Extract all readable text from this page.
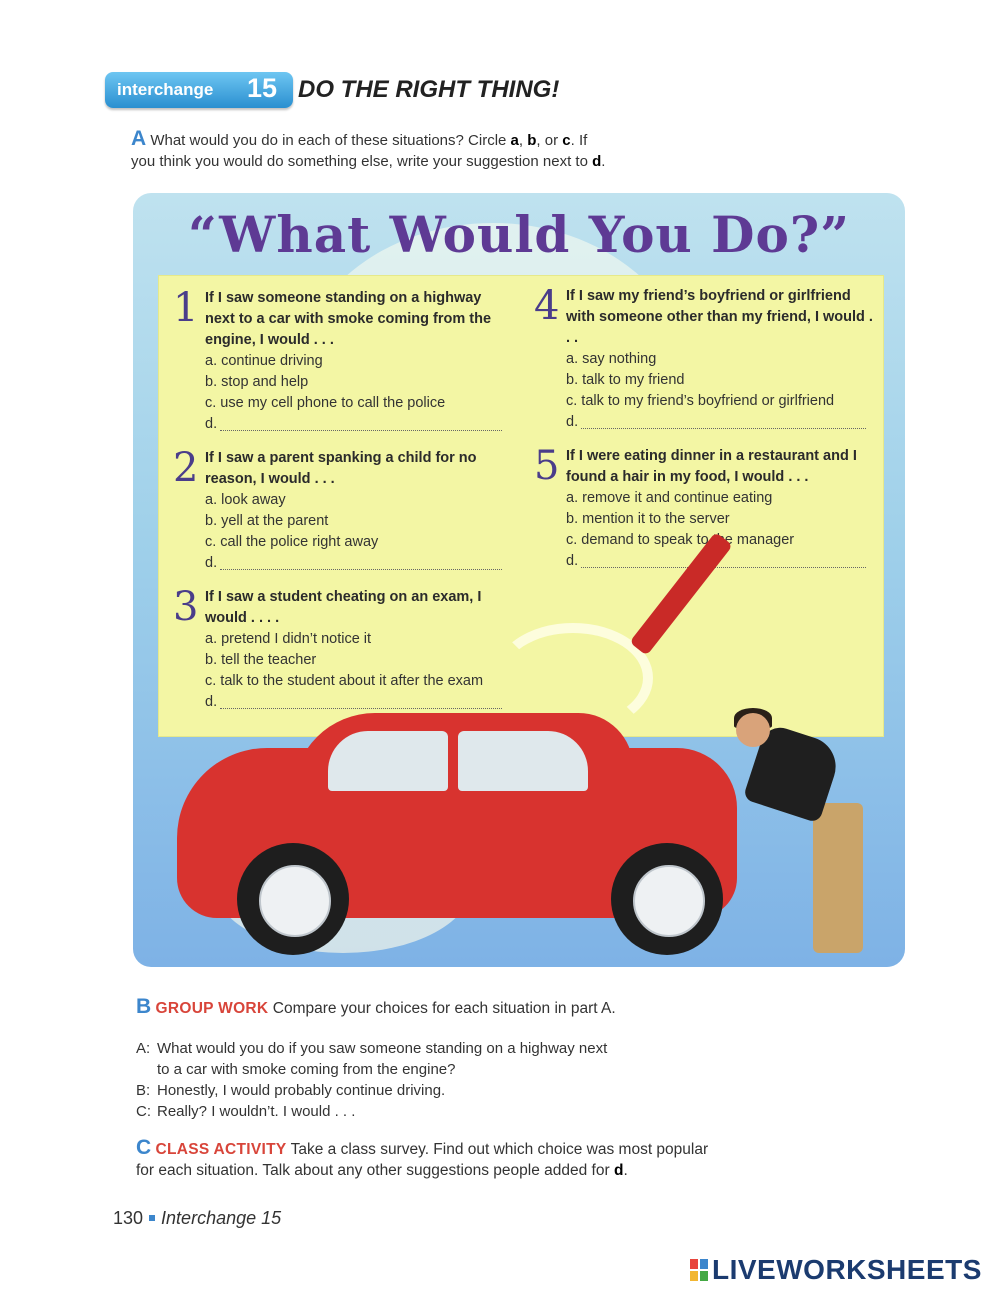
interchange 15 DO THE RIGHT THING!
A What would you do in each of these situations? Circle a, b, or c. If
you think you would do something else, write your suggestion next to d.
“What Would You Do?”
1 If I saw someone standing on a highway next to a car with smoke coming from the engine, I would . . .
a. continue driving
b. stop and help
c. use my cell phone to call the police
d.
2 If I saw a parent spanking a child for no reason, I would . . .
a. look away
b. yell at the parent
c. call the police right away
d.
3 If I saw a student cheating on an exam, I would . . . .
a. pretend I didn’t notice it
b. tell the teacher
c. talk to the student about it after the exam
d.
4 If I saw my friend’s boyfriend or girlfriend with someone other than my friend, I would . . .
a. say nothing
b. talk to my friend
c. talk to my friend’s boyfriend or girlfriend
d.
5 If I were eating dinner in a restaurant and I found a hair in my food, I would . . .
a. remove it and continue eating
b. mention it to the server
c. demand to speak to the manager
d.
B GROUP WORK Compare your choices for each situation in part A.
A: What would you do if you saw someone standing on a highway next
to a car with smoke coming from the engine?
B: Honestly, I would probably continue driving.
C: Really? I wouldn’t. I would . . .
C CLASS ACTIVITY Take a class survey. Find out which choice was most popular
for each situation. Talk about any other suggestions people added for d.
130 Interchange 15
LIVEWORKSHEETS
